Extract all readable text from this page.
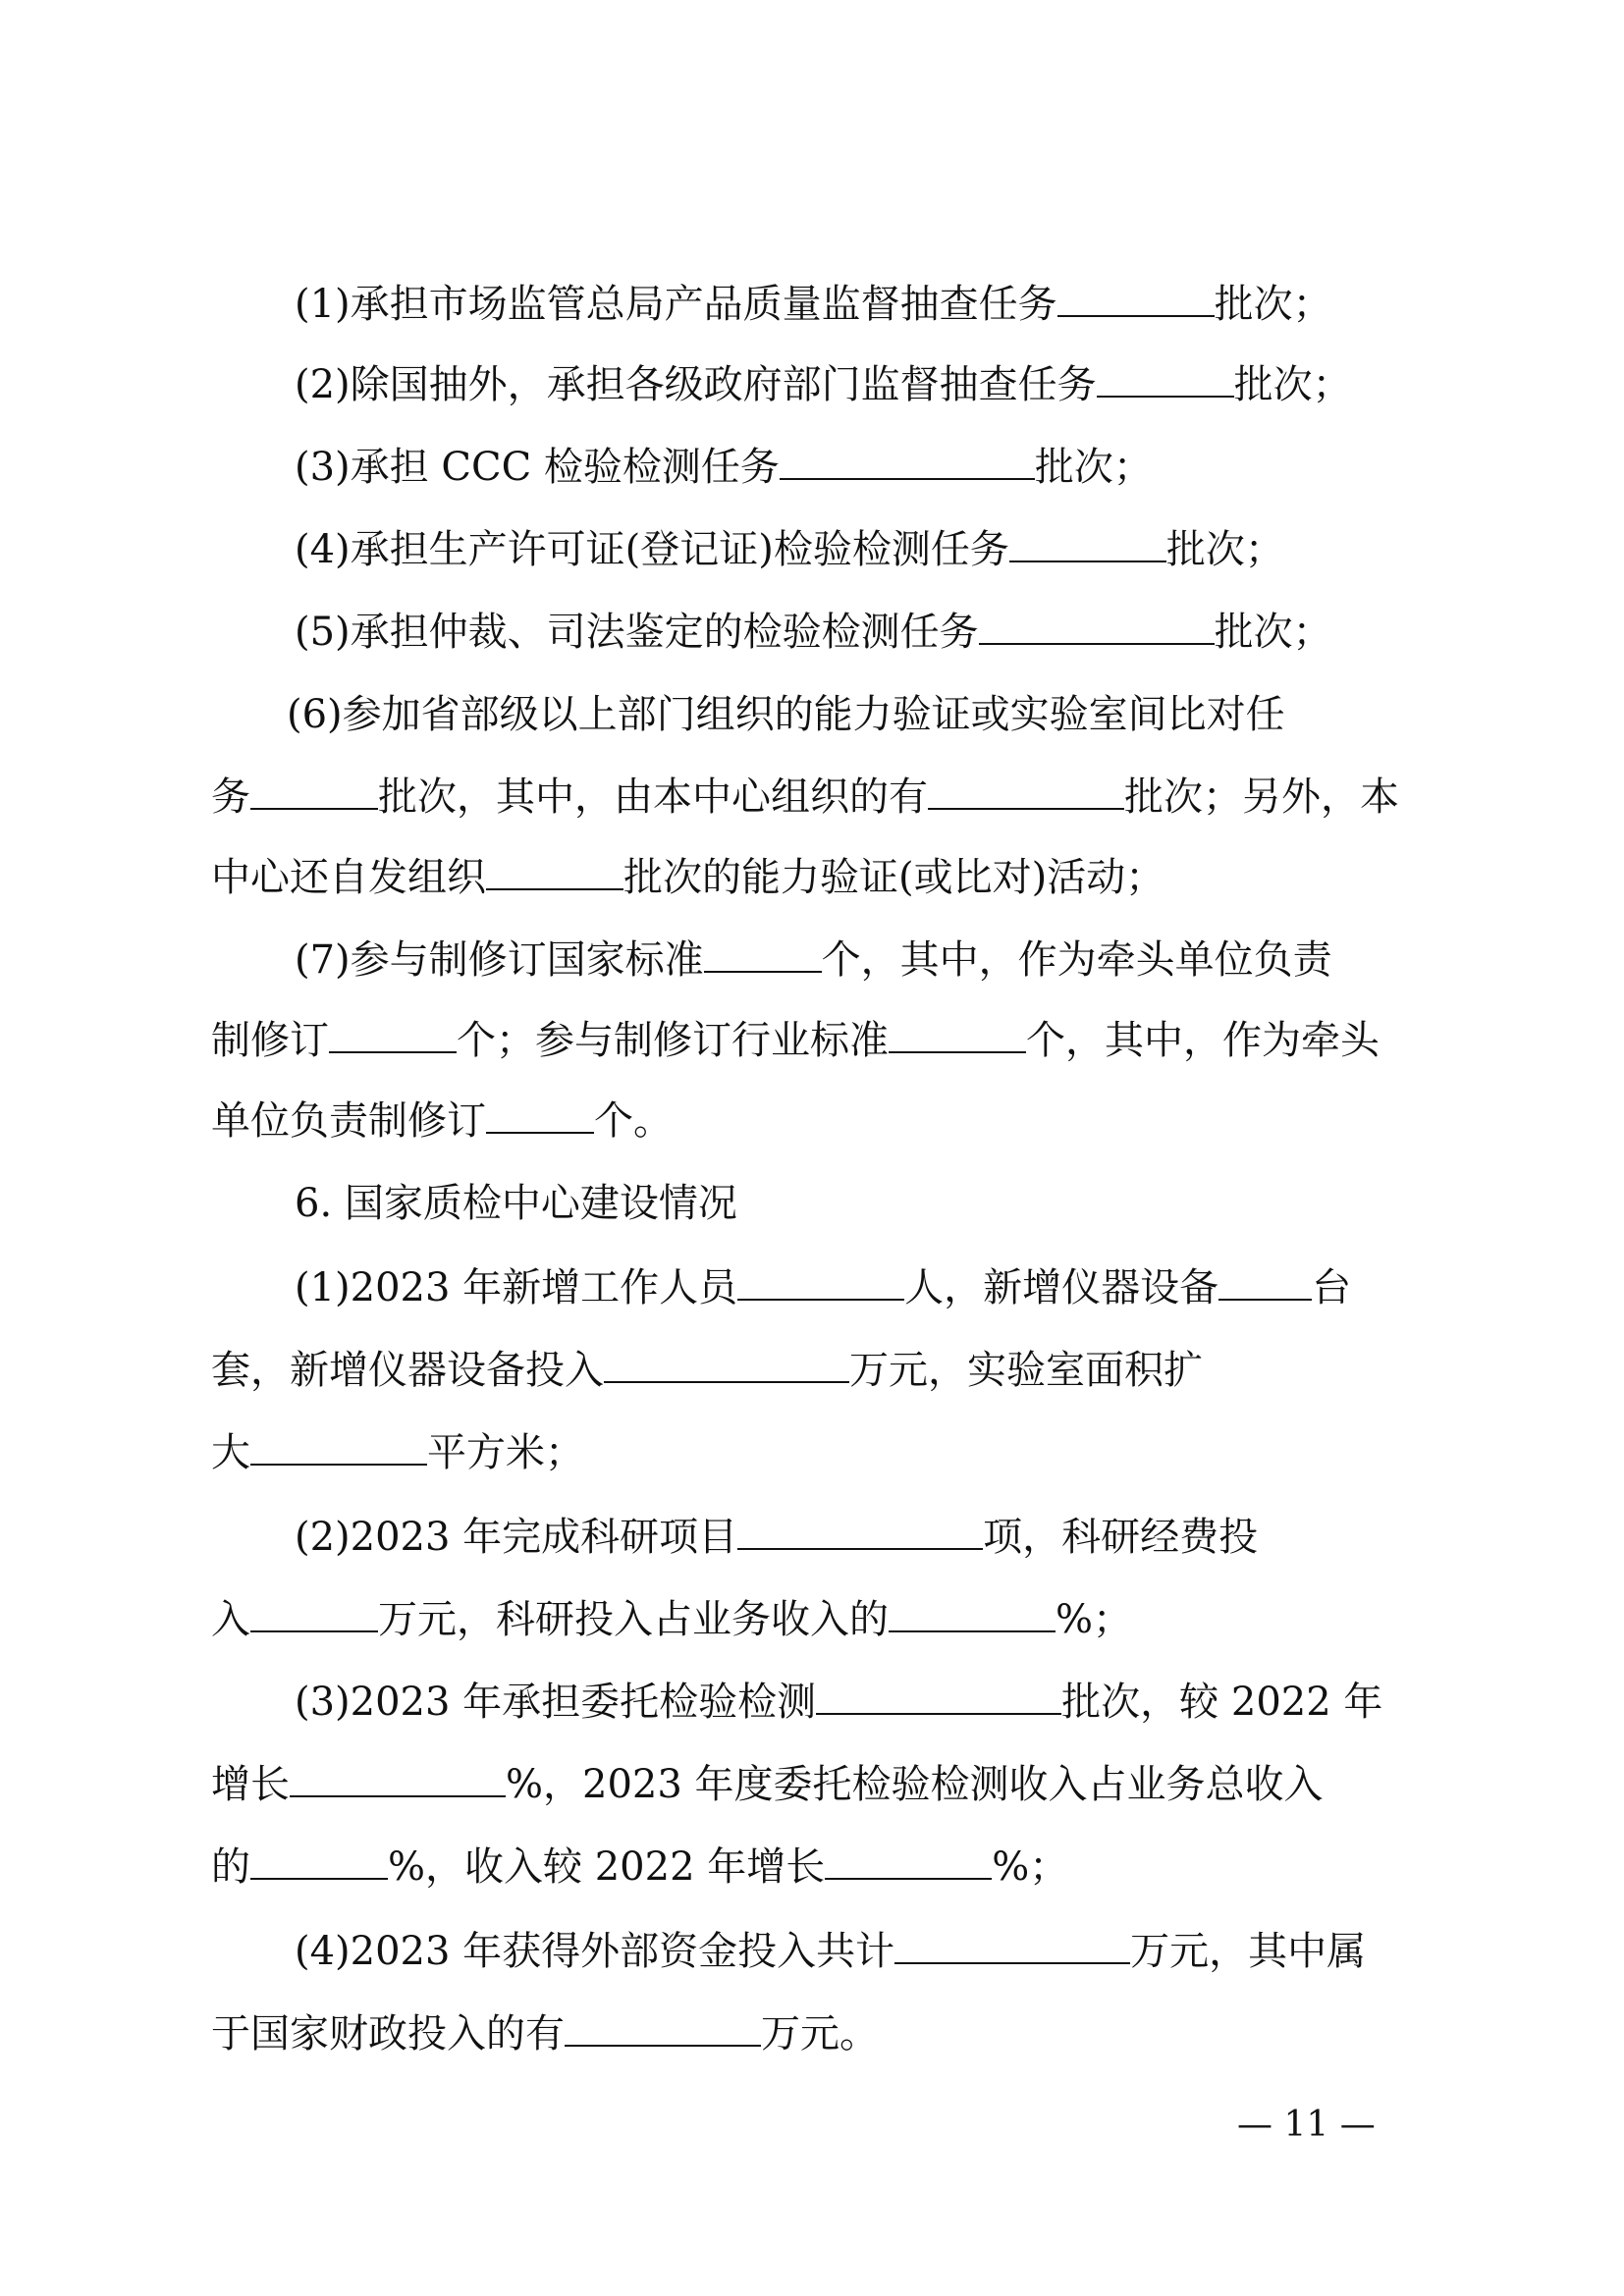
(1)承担市场监管总局产品质量监督抽查任务	批次；
(2)除国抽外，承担各级政府部门监督抽查任务	批次；
(3)承担 CCC 检验检测任务	批次；
(4)承担生产许可证(登记证)检验检测任务	批次；
(5)承担仲裁、司法鉴定的检验检测任务	批次；
(6)参加省部级以上部门组织的能力验证或实验室间比对任
务	批次，其中，由本中心组织的有	批次；另外，本
中心还自发组织	批次的能力验证(或比对)活动；
(7)参与制修订国家标准	个，其中，作为牵头单位负责
制修订	个；参与制修订行业标准	个，其中，作为牵头
单位负责制修订	个。
6. 国家质检中心建设情况
(1)2023 年新增工作人员	人，新增仪器设备 台
套，新增仪器设备投入	万元，实验室面积扩
大	平方米；
(2)2023 年完成科研项目	项，科研经费投
入	万元，科研投入占业务收入的	%；
(3)2023 年承担委托检验检测	批次，较 2022 年
增长	%，2023 年度委托检验检测收入占业务总收入
的	%，收入较 2022 年增长	%；
(4)2023 年获得外部资金投入共计	万元，其中属
于国家财政投入的有	万元。
— 11 —
